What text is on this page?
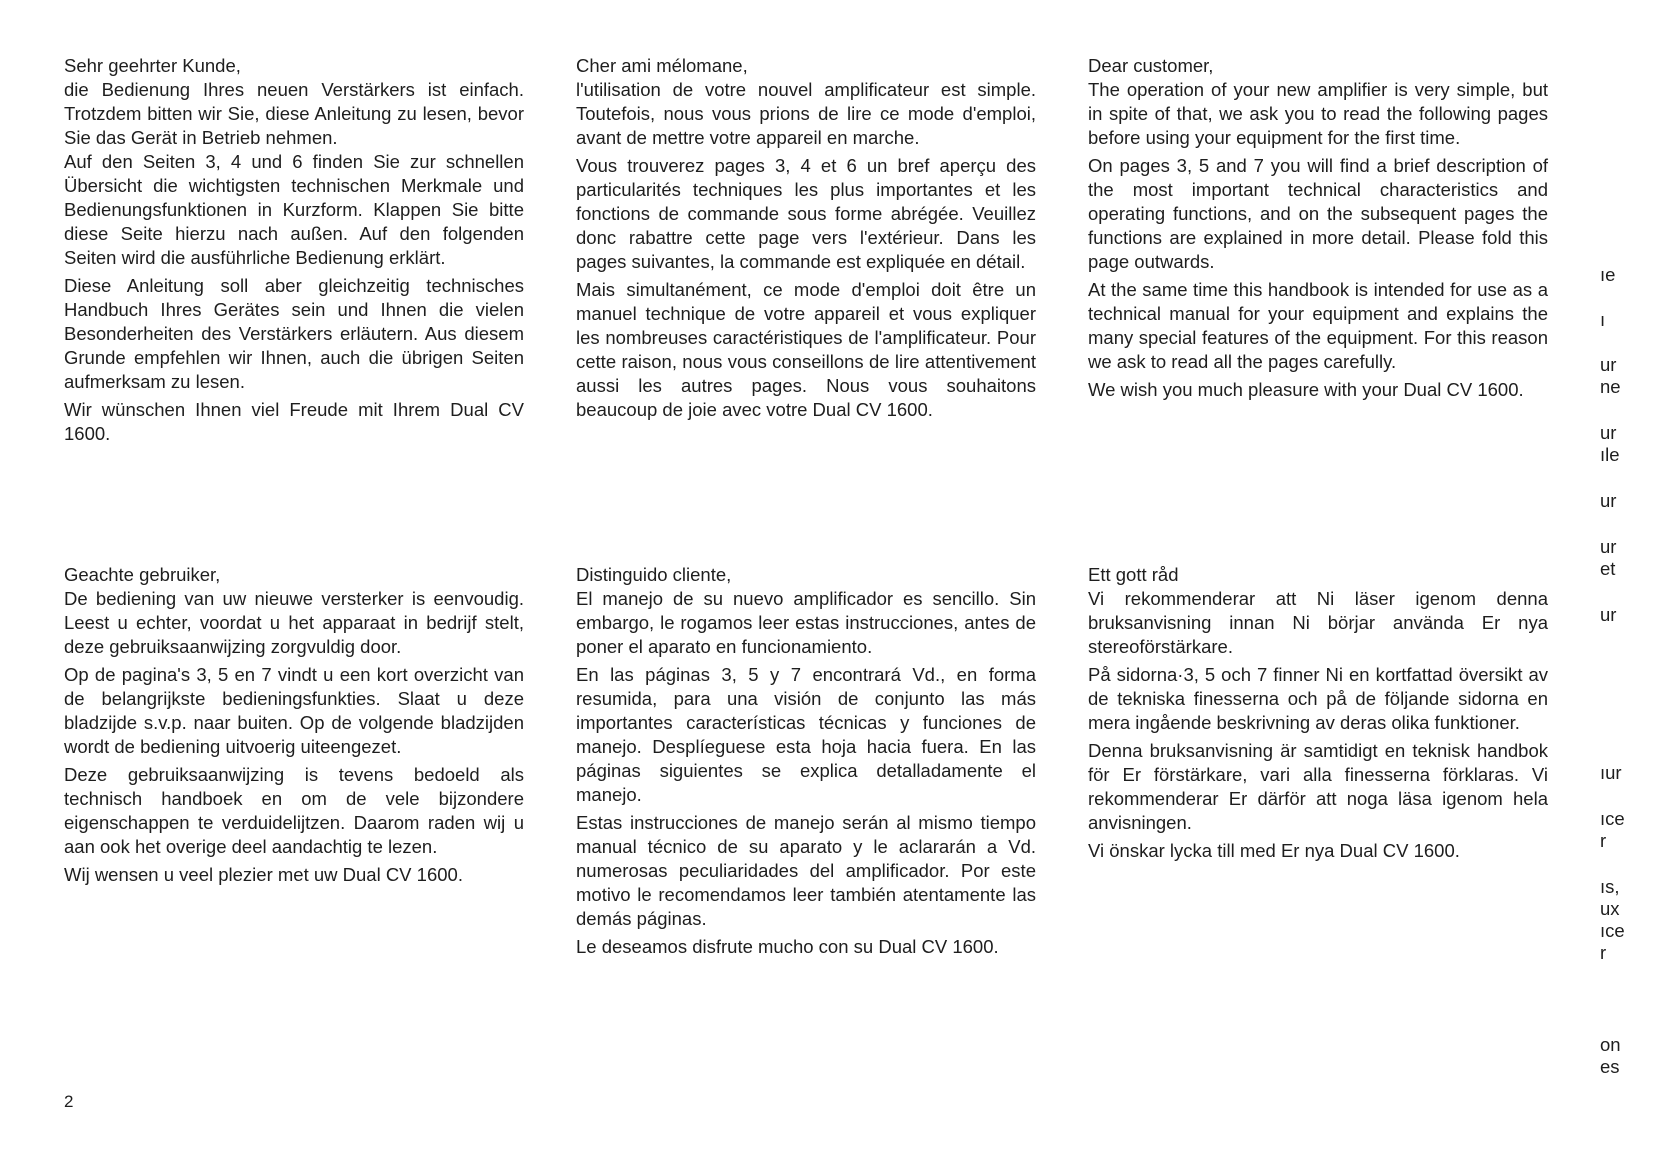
Sehr geehrter Kunde,

die Bedienung Ihres neuen Verstärkers ist einfach. Trotzdem bitten wir Sie, diese Anleitung zu lesen, bevor Sie das Gerät in Betrieb nehmen.

Auf den Seiten 3, 4 und 6 finden Sie zur schnellen Übersicht die wichtigsten technischen Merkmale und Bedienungsfunktionen in Kurzform. Klappen Sie bitte diese Seite hierzu nach außen. Auf den folgenden Seiten wird die ausführliche Bedienung erklärt.

Diese Anleitung soll aber gleichzeitig technisches Handbuch Ihres Gerätes sein und Ihnen die vielen Besonderheiten des Verstärkers erläutern. Aus diesem Grunde empfehlen wir Ihnen, auch die übrigen Seiten aufmerksam zu lesen.

Wir wünschen Ihnen viel Freude mit Ihrem Dual CV 1600.

Cher ami mélomane,

l'utilisation de votre nouvel amplificateur est simple. Toutefois, nous vous prions de lire ce mode d'emploi, avant de mettre votre appareil en marche.

Vous trouverez pages 3, 4 et 6 un bref aperçu des particularités techniques les plus importantes et les fonctions de commande sous forme abrégée. Veuillez donc rabattre cette page vers l'extérieur. Dans les pages suivantes, la commande est expliquée en détail.

Mais simultanément, ce mode d'emploi doit être un manuel technique de votre appareil et vous expliquer les nombreuses caractéristiques de l'amplificateur. Pour cette raison, nous vous conseillons de lire attentivement aussi les autres pages. Nous vous souhaitons beaucoup de joie avec votre Dual CV 1600.

Dear customer,

The operation of your new amplifier is very simple, but in spite of that, we ask you to read the following pages before using your equipment for the first time.

On pages 3, 5 and 7 you will find a brief description of the most important technical characteristics and operating functions, and on the subsequent pages the functions are explained in more detail. Please fold this page outwards.

At the same time this handbook is intended for use as a technical manual for your equipment and explains the many special features of the equipment. For this reason we ask to read all the pages carefully.

We wish you much pleasure with your Dual CV 1600.

Geachte gebruiker,

De bediening van uw nieuwe versterker is eenvoudig. Leest u echter, voordat u het apparaat in bedrijf stelt, deze gebruiksaanwijzing zorgvuldig door.

Op de pagina's 3, 5 en 7 vindt u een kort overzicht van de belangrijkste bedieningsfunkties. Slaat u deze bladzijde s.v.p. naar buiten. Op de volgende bladzijden wordt de bediening uitvoerig uiteengezet.

Deze gebruiksaanwijzing is tevens bedoeld als technisch handboek en om de vele bijzondere eigenschappen te verduidelijtzen. Daarom raden wij u aan ook het overige deel aandachtig te lezen.

Wij wensen u veel plezier met uw Dual CV 1600.

Distinguido cliente,

El manejo de su nuevo amplificador es sencillo. Sin embargo, le rogamos leer estas instrucciones, antes de poner el aparato en funcionamiento.

En las páginas 3, 5 y 7 encontrará Vd., en forma resumida, para una visión de conjunto las más importantes características técnicas y funciones de manejo. Desplíeguese esta hoja hacia fuera. En las páginas siguientes se explica detalladamente el manejo.

Estas instrucciones de manejo serán al mismo tiempo manual técnico de su aparato y le aclararán a Vd. numerosas peculiaridades del amplificador. Por este motivo le recomendamos leer también atentamente las demás páginas.

Le deseamos disfrute mucho con su Dual CV 1600.

Ett gott råd

Vi rekommenderar att Ni läser igenom denna bruksanvisning innan Ni börjar använda Er nya stereoförstärkare.

På sidorna·3, 5 och 7 finner Ni en kortfattad översikt av de tekniska finesserna och på de följande sidorna en mera ingående beskrivning av deras olika funktioner.

Denna bruksanvisning är samtidigt en teknisk handbok för Er förstärkare, vari alla finesserna förklaras. Vi rekommenderar Er därför att noga läsa igenom hela anvisningen.

Vi önskar lycka till med Er nya Dual CV 1600.

2
ıe
ı
ur
ne
ur
ıle
ur
ur
et
ur
ıur
ıce
r
ıs,
ux
ıce
r
on
es
